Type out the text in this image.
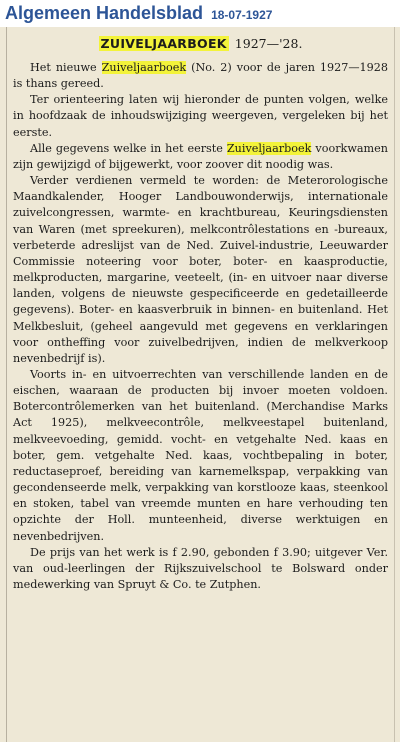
Algemeen Handelsblad 18-07-1927
ZUIVELJAARBOEK 1927—'28.

Het nieuwe Zuiveljaarboek (No. 2) voor de jaren 1927—1928 is thans gereed.

Ter orienteering laten wij hieronder de punten volgen, welke in hoofdzaak de inhoudswijziging weergeven, vergeleken bij het eerste.

Alle gegevens welke in het eerste Zuiveljaarboek voorkwamen zijn gewijzigd of bijgewerkt, voor zoover dit noodig was.

Verder verdienen vermeld te worden: de Meterorologische Maandkalender, Hooger Landbouwonderwijs, internationale zuivelcongressen, warmte- en krachtbureau, Keuringsdiensten van Waren (met spreekuren), melkcontrôlestations en -bureaux, verbeterde adreslijst van de Ned. Zuivel-industrie, Leeuwarder Commissie noteering voor boter, boter- en kaasproductie, melkproducten, margarine, veeteelt, (in- en uitvoer naar diverse landen, volgens de nieuwste gespecificeerde en gedetailleerde gegevens). Boter- en kaasverbruik in binnen- en buitenland. Het Melkbesluit, (geheel aangevuld met gegevens en verklaringen voor ontheffing voor zuivelbedrijven, indien de melkverkoop nevenbedrijf is).

Voorts in- en uitvoerrechten van verschillende landen en de eischen, waaraan de producten bij invoer moeten voldoen. Botercontrôlemerken van het buitenland. (Merchandise Marks Act 1925), melkveecontrôle, melkveestapel buitenland, melkveevoeding, gemidd. vocht- en vetgehalte Ned. kaas en boter, gem. vetgehalte Ned. kaas, vochtbepaling in boter, reductaseproef, bereiding van karnemelkspap, verpakking van gecondenseerde melk, verpakking van korstlooze kaas, steenkool en stoken, tabel van vreemde munten en hare verhouding ten opzichte der Holl. munteenheid, diverse werktuigen en nevenbedrijven.

De prijs van het werk is f 2.90, gebonden f 3.90; uitgever Ver. van oud-leerlingen der Rijkszuivelschool te Bolsward onder medewerking van Spruyt & Co. te Zutphen.
